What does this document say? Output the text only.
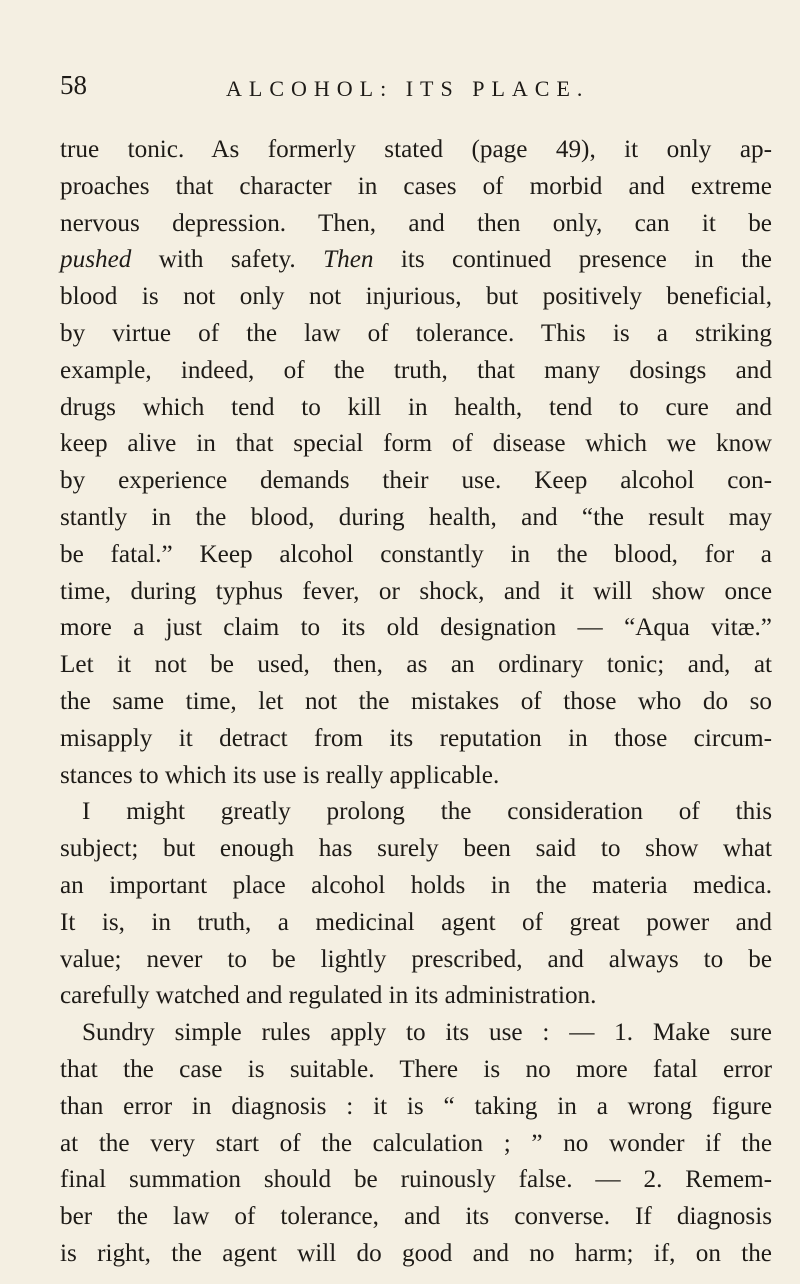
58	ALCOHOL: ITS PLACE.
true tonic. As formerly stated (page 49), it only ap-
proaches that character in cases of morbid and extreme
nervous depression. Then, and then only, can it be
pushed with safety. Then its continued presence in the
blood is not only not injurious, but positively beneficial,
by virtue of the law of tolerance. This is a striking
example, indeed, of the truth, that many dosings and
drugs which tend to kill in health, tend to cure and
keep alive in that special form of disease which we know
by experience demands their use. Keep alcohol con-
stantly in the blood, during health, and “the result may
be fatal.” Keep alcohol constantly in the blood, for a
time, during typhus fever, or shock, and it will show once
more a just claim to its old designation — “Aqua vitæ.”
Let it not be used, then, as an ordinary tonic; and, at
the same time, let not the mistakes of those who do so
misapply it detract from its reputation in those circum-
stances to which its use is really applicable.
I might greatly prolong the consideration of this
subject; but enough has surely been said to show what
an important place alcohol holds in the materia medica.
It is, in truth, a medicinal agent of great power and
value; never to be lightly prescribed, and always to be
carefully watched and regulated in its administration.
Sundry simple rules apply to its use : — 1. Make sure
that the case is suitable. There is no more fatal error
than error in diagnosis : it is “ taking in a wrong figure
at the very start of the calculation ; ” no wonder if the
final summation should be ruinously false. — 2. Remem-
ber the law of tolerance, and its converse. If diagnosis
is right, the agent will do good and no harm; if, on the
